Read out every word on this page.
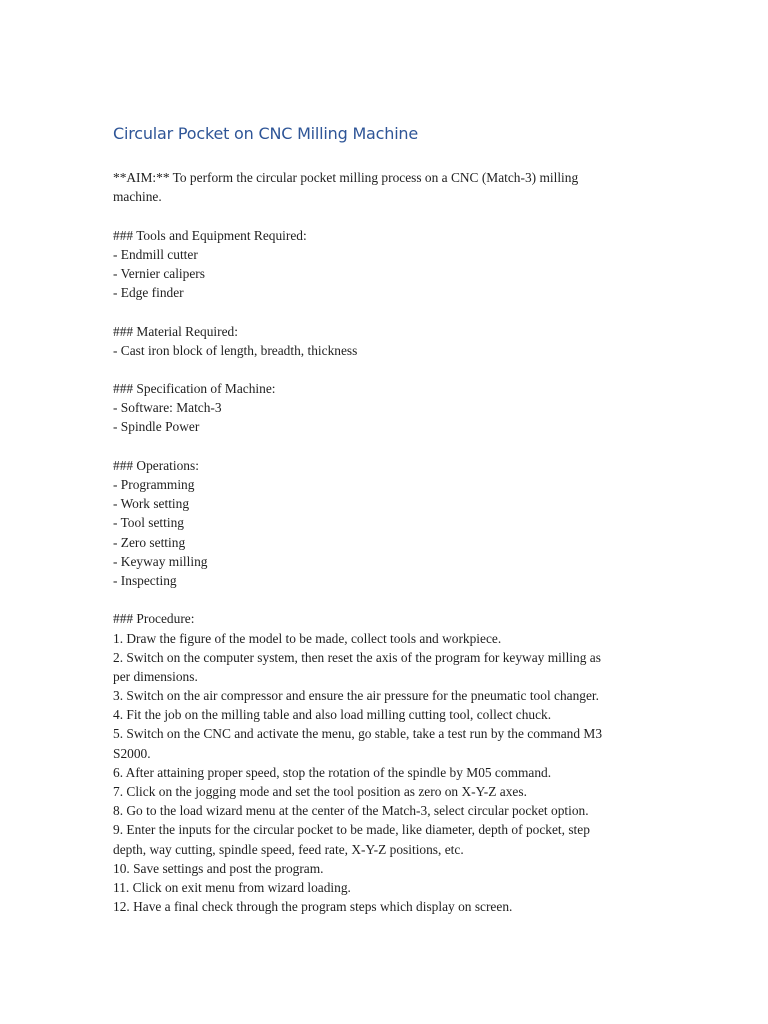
Circular Pocket on CNC Milling Machine

**AIM:** To perform the circular pocket milling process on a CNC (Match-3) milling

machine.

### Tools and Equipment Required:

- Endmill cutter

- Vernier calipers

- Edge finder

### Material Required:

- Cast iron block of length, breadth, thickness

### Specification of Machine:

- Software: Match-3

- Spindle Power

### Operations:

- Programming

- Work setting

- Tool setting

- Zero setting

- Keyway milling

- Inspecting

### Procedure:

1. Draw the figure of the model to be made, collect tools and workpiece.

2. Switch on the computer system, then reset the axis of the program for keyway milling as

per dimensions.

3. Switch on the air compressor and ensure the air pressure for the pneumatic tool changer.

4. Fit the job on the milling table and also load milling cutting tool, collect chuck.

5. Switch on the CNC and activate the menu, go stable, take a test run by the command M3

S2000.

6. After attaining proper speed, stop the rotation of the spindle by M05 command.

7. Click on the jogging mode and set the tool position as zero on X-Y-Z axes.

8. Go to the load wizard menu at the center of the Match-3, select circular pocket option.

9. Enter the inputs for the circular pocket to be made, like diameter, depth of pocket, step

depth, way cutting, spindle speed, feed rate, X-Y-Z positions, etc.

10. Save settings and post the program.

11. Click on exit menu from wizard loading.

12. Have a final check through the program steps which display on screen.
